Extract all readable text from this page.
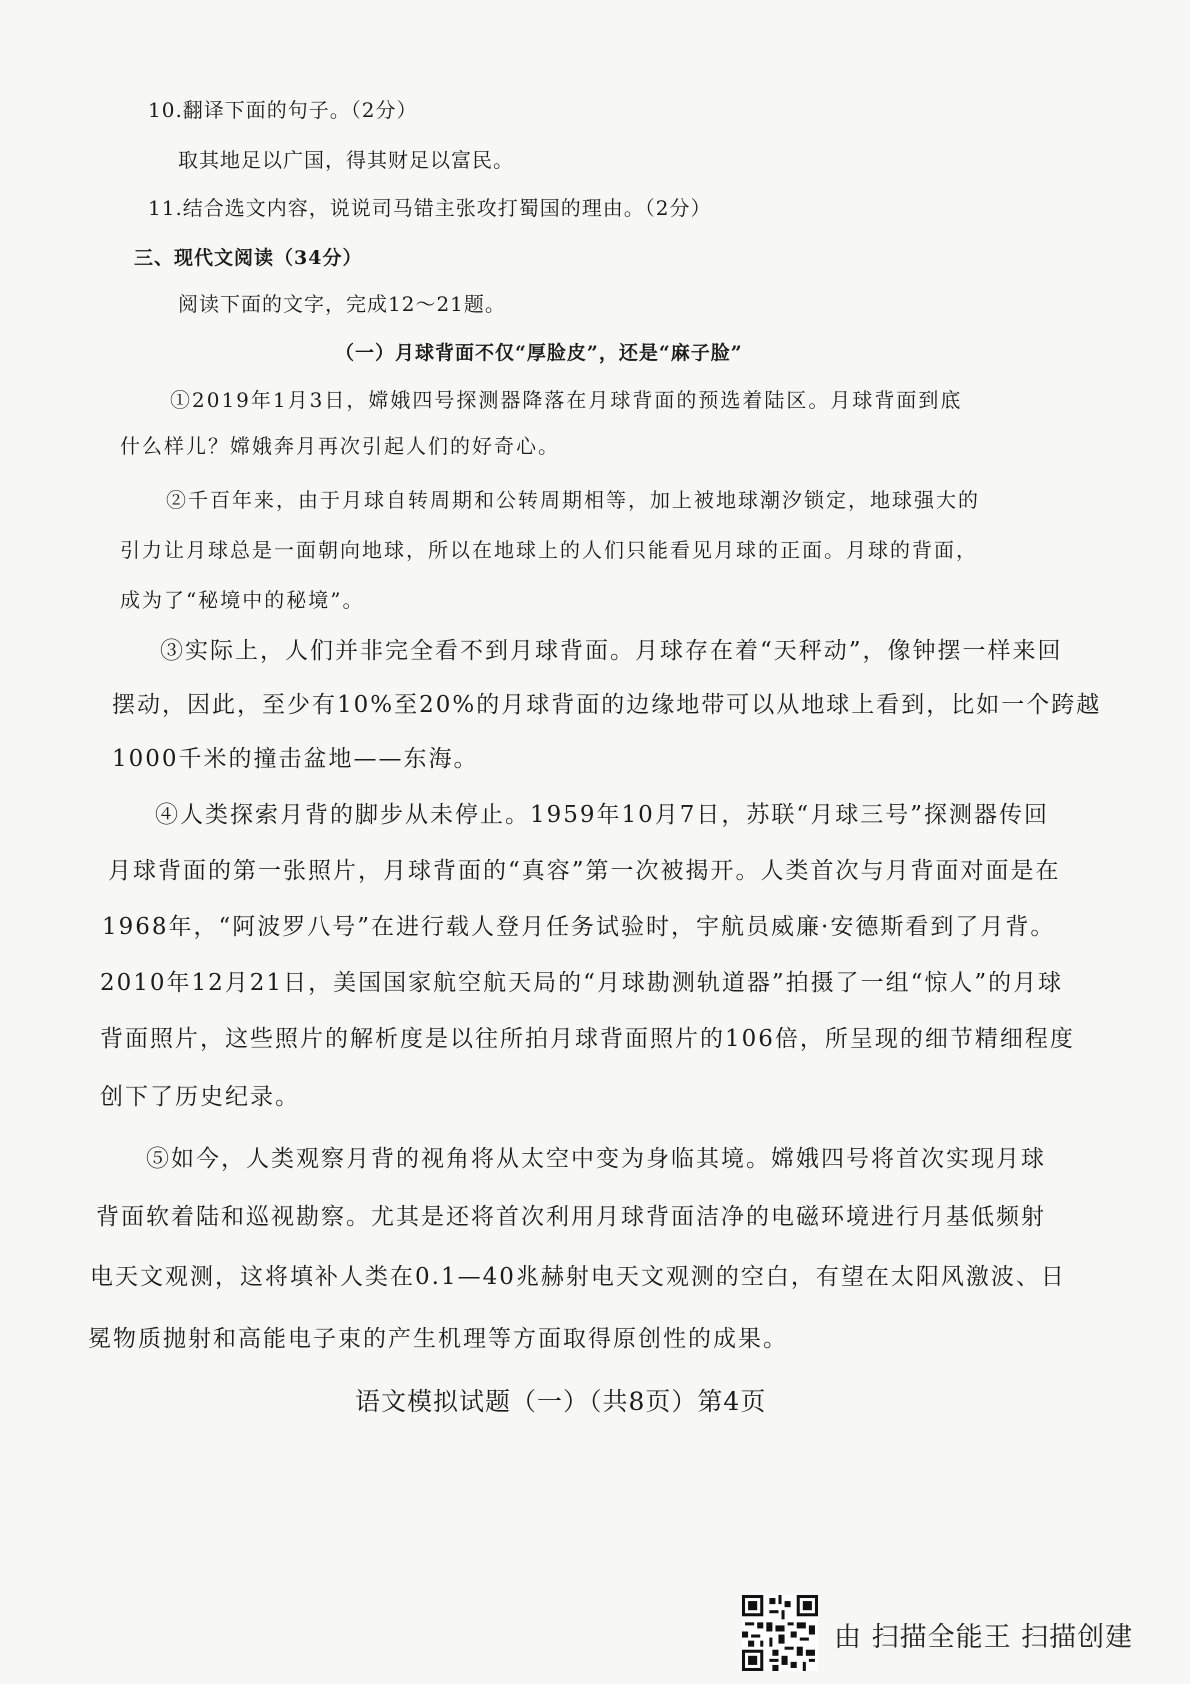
10.翻译下面的句子。（2分）
取其地足以广国，得其财足以富民。
11.结合选文内容，说说司马错主张攻打蜀国的理由。（2分）
三、现代文阅读（34分）
阅读下面的文字，完成12～21题。
（一）月球背面不仅“厚脸皮”，还是“麻子脸”
①2019年1月3日，嫦娥四号探测器降落在月球背面的预选着陆区。月球背面到底
什么样儿？嫦娥奔月再次引起人们的好奇心。
②千百年来，由于月球自转周期和公转周期相等，加上被地球潮汐锁定，地球强大的
引力让月球总是一面朝向地球，所以在地球上的人们只能看见月球的正面。月球的背面，
成为了“秘境中的秘境”。
③实际上，人们并非完全看不到月球背面。月球存在着“天秤动”，像钟摆一样来回
摆动，因此，至少有10%至20%的月球背面的边缘地带可以从地球上看到，比如一个跨越
1000千米的撞击盆地——东海。
④人类探索月背的脚步从未停止。1959年10月7日，苏联“月球三号”探测器传回
月球背面的第一张照片，月球背面的“真容”第一次被揭开。人类首次与月背面对面是在
1968年，“阿波罗八号”在进行载人登月任务试验时，宇航员威廉·安德斯看到了月背。
2010年12月21日，美国国家航空航天局的“月球勘测轨道器”拍摄了一组“惊人”的月球
背面照片，这些照片的解析度是以往所拍月球背面照片的106倍，所呈现的细节精细程度
创下了历史纪录。
⑤如今，人类观察月背的视角将从太空中变为身临其境。嫦娥四号将首次实现月球
背面软着陆和巡视勘察。尤其是还将首次利用月球背面洁净的电磁环境进行月基低频射
电天文观测，这将填补人类在0.1—40兆赫射电天文观测的空白，有望在太阳风激波、日
冕物质抛射和高能电子束的产生机理等方面取得原创性的成果。
语文模拟试题（一）（共8页）第4页
由 扫描全能王 扫描创建
